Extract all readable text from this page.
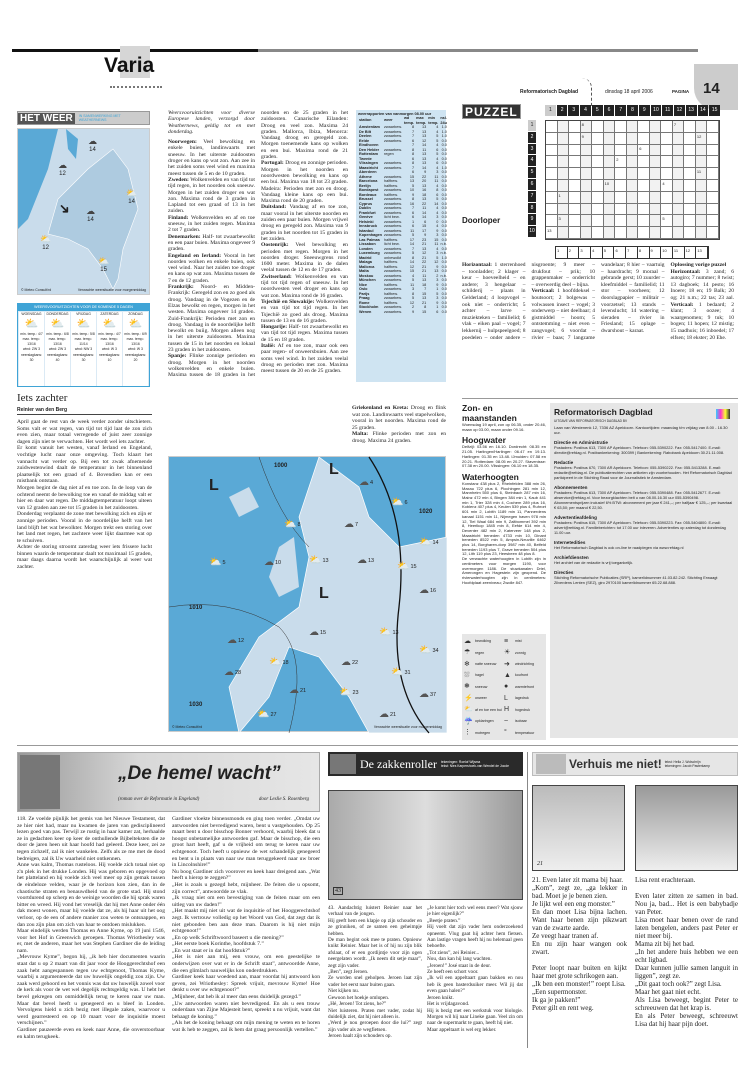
Varia
Reformatorisch Dagblad	dinsdag 18 april 2006	PAGINA 14
HET WEER	IN SAMENWERKING MET WEATHERNEWS
➜
☁
14
☁
12
⛅
14
☁
14
⛅
12
⛅
15
© Meteo Consult/rd	Verwachte weersituatie voor morgenmiddag
WEERSVOORUITZICHTEN VOOR DE KOMENDE 5 DAGEN
WOENSDAG
⛅
min. temp.: 4/7
max. temp.: 13/16
wind: ZW 3
neerslagkans: 30
DONDERDAG
⛅
min. temp.: 6/8
max. temp.: 13/16
wind: ZW 3
neerslagkans: 40
VRIJDAG
⛅
min. temp.: 5/8
max. temp.: 11/14
wind: NW 3
neerslagkans: 30
ZATERDAG
⛅
min. temp.: 4/7
max. temp.: 13/16
wind: W 3
neerslagkans: 10
ZONDAG
⛅
min. temp.: 6/9
max. temp.: 13/16
wind: W 3
neerslagkans: 20
Iets zachter
Reinier van den Berg

April gaat de rest van de week verder zonder uitschieters. Soms valt er wat regen, van tijd tot tijd laat de zon zich even zien, maar totaal verregende of juist zeer zonnige dagen zijn niet te verwachten. Het wordt wel iets zachter.

Er komt vanuit het westen, vanaf Ierland en Engeland, vochtige lucht naar onze omgeving. Toch klaart het vannacht wat verder op. Bij een tot zwak afnemende zuidwestenwind daalt de temperatuur in het binnenland plaatselijk tot een graad of 4. Bovendien kan er een mistbank ontstaan.

Morgen begint de dag niet af en toe zon. In de loop van de ochtend neemt de bewolking toe en vanaf de middag valt er hier en daar wat regen. De middagtemperatuur loopt uiteen van 12 graden aan zee tot 15 graden in het zuidoosten.

Donderdag verplaatst de zone met bewolking zich en zijn er zonnige perioden. Vooral in de noordelijke helft van het land blijft het wat bewolkter. Morgen trekt een storing over het land met regen, het zachtere weer lijkt daarmee wat op te schuiven.

Achter de storing stroomt zaterdag weer iets frissere lucht binnen waarin de temperatuur daalt tot maximaal 15 graden, maar daags daarna wordt het waarschijnlijk al weer wat zachter.

Weersvooruitzichten voor diverse Europese landen, verzorgd door Weathernews, geldig tot en met donderdag.

Noorwegen: Veel bewolking en enkele buien, landinwaarts met sneeuw. In het uiterste zuidoosten droger en kans op wat zon. Aan zee in het zuiden soms veel wind en maxima meest tussen de 5 en de 10 graden.

Zweden: Wolkenvelden en van tijd tot tijd regen, in het noorden ook sneeuw. Morgen in het zuiden droger en wat zon. Maxima rond de 3 graden in Lapland tot een graad of 13 in het zuiden.

Finland: Wolkenvelden en af en toe sneeuw, in het zuiden regen. Maxima 2 tot 7 graden.

Denemarken: Half- tot zwaarbewolkt en een paar buien. Maxima ongeveer 9 graden.

Engeland en Ierland: Vooral in het noorden wolken en enkele buien, ook veel wind. Naar het zuiden toe droger en kans op wat zon. Maxima tussen de 7 en de 12 graden.

Frankrijk: Noord- en Midden-Frankrijk: Geregeld zon en zo goed als droog. Vandaag in de Vogezen en de Elzas bewolkt en regen, morgen in het westen. Maxima ongeveer 14 graden. Zuid-Frankrijk: Perioden met zon en droog. Vandaag in de noordelijke helft bewolkt en buiig. Morgen alleen nog in het uiterste zuidoosten. Maxima tussen de 15 in het noorden en lokaal 23 graden in het zuidoosten.

Spanje: Flinke zonnige perioden en droog. Morgen in het noorden wolkenvelden en enkele buien. Maxima tussen de 18 graden in het noorden en de 25 graden in het zuidoosten. Canarische Eilanden: Droog en veel zon. Maxima 24 graden. Mallorca, Ibiza, Menorca: Vandaag droog en geregeld zon. Morgen toenemende kans op wolken en een bui. Maxima rond de 21 graden.

Portugal: Droog en zonnige perioden. Morgen in het noorden en noordwesten bewolking en kans op een bui. Maxima van 18 tot 23 graden. Madeira: Perioden met zon en droog. Vandaag kleine kans op een bui. Maxima rond de 20 graden.

Duitsland: Vandaag af en toe zon, maar vooral in het uiterste noorden en zuiden een paar buien. Morgen vrijwel droog en geregeld zon. Maxima van 9 graden in het noorden tot 15 graden in het zuiden.

Oostenrijk: Veel bewolking en perioden met regen. Morgen in het noorden droger. Sneeuwgrens rond 1600 meter. Maxima in de dalen veelal tussen de 12 en de 17 graden.

Zwitserland: Wolkenvelden en van tijd tot tijd regen of sneeuw. In het noordwesten veel droger en kans op wat zon. Maxima rond de 16 graden.

Tsjechië en Slowakije: Wolkenvelden en van tijd tot tijd regen. In het Tsjechië zo goed als droog. Maxima tussen de 13 en de 16 graden.

Hongarije: Half- tot zwaarbewolkt en van tijd tot tijd regen. Maxima tussen de 15 en 18 graden.

Italië: Af en toe zon, maar ook een paar regen- of onweersbuien. Aan zee soms veel wind. In het zuiden veelal droog en perioden met zon. Maxima meest tussen de 20 en de 25 graden.

weerrapporten van vanmorgen 08.00 uur
station	weer	wd temp.	max temp.	min temp.	nsl. 24u
Amsterdam	zwaarbew.	8	13	4	1.0
De Bilt	zwaarbew.	7	13	4	1.0
Deelen	zwaarbew.	7	13	5	1.0
Eelde	zwaarbew.	6	12	5	0.0
Eindhoven		7	14	4	0.0
Den Helder	zwaarbew.	8	11	6	0.0
Rotterdam	regen	8	13	5	0.0
Twente		6	13	4	0.0
Vlissingen	zwaarbew.	8	13	6	0.0
Maastricht	zwaarbew.	7	14	4	1.0
Aberdeen		6	9	3	0.0
Athene	zwaarbew.	15	22	11	0.0
Barcelona	halfbew.	13	20	11	0.0
Berlijn	halfbew.	5	13	4	0.0
Boedapest	zwaarbew.	10	16	8	0.0
Bordeaux	halfbew.	9	18	6	0.0
Brussel	zwaarbew.	8	13	5	0.0
Cyprus	zwaarbew.	16	22	14	0.0
Dublin	zwaarbew.	7	11	4	0.0
Frankfurt	zwaarbew.	6	14	4	0.0
Genève	licht bew.	6	14	3	0.0
Helsinki	zwaarbew.	1	6	0	0.0
Innsbruck	zwaarbew.	6	15	4	0.0
Istanbul	zwaarbew.	11	17	9	0.0
Kopenhagen	zwaarbew.	5	9	3	0.0
Las Palmas	halfbew.	17	23	15	0.0
Lissabon	licht bew.	14	21	11	n.b.
Londen	zwaarbew.	7	13	4	0.0
Luxemburg	zwaarbew.	5	12	3	n.b.
Madrid	onbewolkt	8	21	5	1.0
Malaga	halfbew.	14	22	12	0.0
Mallorca	halfbew.	12	21	9	0.0
Malta	zwaarbew.	15	21	13	0.0
Moskou	zwaarbew.	4	11	2	n.b.
München	zwaarbew.	5	13	3	0.0
Nice	halfbew.	11	18	9	0.0
Oslo	zwaarbew.	3	7	1	0.0
Parijs	halfbew.	8	15	5	0.0
Praag	zwaarbew.	5	13	3	0.0
Rome	halfbew.	12	21	9	0.0
Stockholm	zwaarbew.	2	8	1	0.0
Wenen	zwaarbew.	9	15	6	0.0

Griekenland en Kreta: Droog en flink wat zon. Landinwaarts veel stapelwolken, vooral in het noorden. Maxima rond de 25 graden.

Malta: Flinke perioden met zon en droog. Maxima 24 graden.

1000
1010
1020
1030
L
L
L
⛅ 5
☁ 4
⛅ 6
☁ 7
⛅ 8
☁ 10	⛅ 13	☁ 13
⛅ 15
☁ 16
⛅ 14
☁ 12
⛅ 13
☁ 15
⛅ 18
☁ 21	⛅ 23
☁ 21
⛅ 27
☁ 28	⛅ 31
☁ 22
⛅ 34
☁ 37
© Meteo Consult/rd	Verwachte weersituatie voor morgenmiddag
PUZZEL	1	2	3	4	5	6	7	8	9	10	11	12	13	14	15
1
2
3
4
5
6
7
8
9
10
8	7
9	12
6
2
11
10	4
1
3	5
13
1	2	3	4	5	6	7	8	9	10	11	12	13
Doorloper

Horizontaal: 1 sterrenhoed – toonladder; 2 klager – keur – hoeveelheid – en andere; 3 hengelaar – schilderij – plaats in Gelderland; 4 loopvogel – ook niet – onderricht; 5 achter – larve – muziekteken – familielid; 6 vlak – eiken paal – vogel; 7 lekkernij – hulpspeelgoed; 8 poedelen – onder andere – nisgroente; 9 meer – drukfout – prik; 10 grappenmaker – onderricht – overwerdig deel – bijna.

Verticaal: 1 hoofddeksel – houtsoort; 2 bolgewas – volwassen insect – vogel; 3 onderwerp – niet deelbaar; 4 gistmiddel – hoorn; 5 ontstemming – niet even – zangvogel; 6 voordat – rivier – baas; 7 langzame wandelaar; 8 hier – vaartuig – haardracht; 9 moraal – gebrande gerst; 10 zuurder – kleefmiddel – familielid; 11 stor – voorheen; 12 doorslagpapier – militair – voorzetsel; 13 stands – levenslucht; 14 watering – sieraden – rivier in Friesland; 15 oplage – dwarshout – karaat.

Oplossing vorige puzzel
Horizontaal: 3 zand; 6 autogiro; 7 nummer; 8 twist; 13 dagboek; 14 pesto; 16 Inoere; 18 en; 19 Balk; 20 og; 21 n.m.; 22 tas; 23 aal. Verticaal: 1 bedaard; 2 klant; 3 oozee; 4 waargenomen; 9 tuk; 10 bogen; 11 hopen; 12 mistig; 15 raadhuis; 16 inboedel; 17 elfsen; 18 ekster; 20 Ehe.

Zon- en maanstanden
Woensdag 19 april, zon op 06.35, onder 20.46, maan op 03.00, maan onder 09.16.
Hoogwater
Delfzijl: 03.56 en 16.10. Dordrecht: 08.35 en 21.05. Harlingen/Harlinger: 06.47 en 19.13. Harlingen: 01.35 en 13.48. IJmuiden: 07.58 en 20.21. Rotterdam: 08.05 en 20.27. Stavenisse: 07.38 en 20.00. Vlissingen: 06.10 en 18.35.
Waterhoogten
Konstanz 438 plus 2, Rheinfelden 388 min 26, Maxau 722 plus 6, Plochingen 281 min 12, Mannheim 550 plus 6, Steinbach 287 min 16, Mainz 472 min 4, Bingen 384 min 1, Kaub 441 min 1, Trier 328 min 4, Cochem 289 plus 16, Koblenz 407 plus 4, Keulen 539 plus 4, Ruhrort 601 min 2, Lobith 1189 min 11, Pannerdens kanaal 1151 min 11, Nijmegen haven 978 min 12, Tiel Waal 684 min 9, Zaltbommel 392 min 8, Heerlkop 1845 min 8, Eefde 614 min 4, Deventer 482 min 2, Katerveer 148 plus 2, Maastricht beneden 4733 min 10, Dinant beneden 8522 min 5, Ampsin-Neuville 6462 plus 14, Borgharen-dorp 3987 min 40, Belfeld beneden 1193 plus 7, Grave beneden 504 plus 12, Lith 119 plus 23, Heesbeen 48 plus 8.
De verwachte waterhoogten in Lobith zijn in centimeters voor morgen 1190, voor overmorgen 1186. De stuwkanalen Driel, Amerongen en Hagestein zijn geopend. De rivierwaterhoogten zijn in centimeters: Hoofdplaat zeeniveau; Zwolle 847.
☁	bewolking ≡	mist
☂	regen	☀	zonnig
❄	natte sneeuw ➜	windrichting
⛆	hagel	▲	koufront
❅	sneeuw ●	warmtefront
⚡ onweer L	lagedruk
⛅ af en toe een bui H	hogedruk
☔ opklaringen ~	isobaar
⋮	motregen °	temperatuur
Reformatorisch Dagblad
UITGAVE VAN REFORMATORISCH DAGBLAD BV
Laan van Westenenk 12, 7336 AZ Apeldoorn. Kantoortijden: maandag t/m vrijdag van 8.00 - 16.30 uur.
Directie en Administratie
Postadres: Postbus 613, 7300 AP Apeldoorn. Telefoon: 055-5390222. Fax: 055-5417400. E-mail: directie@refdag.nl. Postbankrekening: 300399 | Bankrekening: Rabobank Apeldoorn 30.21.11.008.
Redactie
Postadres: Postbus 670, 7300 AR Apeldoorn. Telefoon: 055-5390222. Fax: 055-5413288. E-mail: redactie@refdag.nl. De publicatierechten van artikelen zijn voorbehouden. Het Reformatorisch Dagblad participeert in de Stichting Raad voor de Journalistiek te Amsterdam.
Abonnementen
Postadres: Postbus 613, 7300 AP Apeldoorn. Telefoon: 055-5390488. Fax: 055-5412677. E-mail: abservice@refdag.nl. Voor bezorgklachten belt u van 08.00-16.30 uur 055-5390498. Abonnementsprijzen inclusief 6% BTW: abonnement per jaar € 241,–; per halfjaar € 125,–; per kwartaal € 63,50; per maand € 22,50.
Advertentieafdeling
Postadres: Postbus 615, 7300 AP Apeldoorn. Telefoon: 055-5390223. Fax: 055-5404800. E-mail: advert@refdag.nl. Familieberichten: tot 17.00 uur inleveren. Advertenties op zaterdag tot donderdag 11.00 uur.
Internetedities
Het Reformatorisch Dagblad is ook on-line te raadplegen via www.refdag.nl
Archiefdiensten
Het archief van de redactie is vrij toegankelijk.
Directies
Stichting Reformatorische Publicaties (SRP), kamerlidnummer 41.03.82.242. Stichting Erwaagt Zilverdens Lenten (SEZ), giro 2970100 kamerlidnummer 65.22.68.888.
„De hemel wacht”
(roman over de Reformatie in Engeland)	door Leslie S. Rosenberg

118. Ze voelde pijnlijk het gemis van het Nieuwe Testament, dat ze hier niet had, maar nu kwamen de jaren van gedisciplineerd lezen goed van pas. Terwijl ze rustig in haar kamer zat, herhaalde ze in gedachten keer op keer de onthullende Bijbelteksten die ze door de jaren heen uit haar hoofd had geleerd. Deze keer, zei ze tegen zichzelf, zal ik niet wankelen. Zelfs als ze me met de dood bedreigen, zal ik Uw waarheid niet ontkennen.

Anne was kalm, Thomas rusteloos. Hij voelde zich totaal niet op z'n plek in het drukke Londen. Hij was geboren en opgevoed op het platteland en hij voelde zich veel meer op zijn gemak tussen de eindeloze velden, waar je de horizon kon zien, dan in de chaotische straten en benauwdheid van de grote stad. Hij stond voortdurend op scherp en de weinige woorden die hij sprak waren bitter en wreed. Hij vond het vreselijk dat hij met Anne onder één dak moest wonen, maar hij voelde dat ze, als hij haar uit het oog verloor, op de een of andere manier zou weten te ontsnappen, en dan zou zijn plan om zich van haar te ontdoen mislukken.

Maar eindelijk werden Thomas en Anne Kyme, op 19 juni 1546, voor het Hof in Greenwich geroepen. Thomas Wriothesley was er, met de anderen, maar het was Stephen Gardiner die de leiding nam.

„Mevrouw Kyme”, begon hij, „ik heb hier documenten waarin staat dat u op 2 maart van dit jaar voor de Hooggerechtshof een zaak hebt aangespannen tegen uw echtgenoot, Thomas Kyme, waarbij u argumenteerde dat uw huwelijk ongeldig zou zijn. Uw zaak werd gehoord en het vonnis was dat uw huwelijk zowel voor de kerk als voor de wet wel degelijk rechtsgeldig was. U hebt het bevel gekregen om onmiddellijk terug te keren naar uw man. Maar dat bevel heeft u genegeerd en u bleef in Londen. Vervolgens hield u zich bezig met illegale zaken, waarvoor u werd gearresteerd en op 10 maart voor de inquisitie moest verschijnen.”

Gardiner pauzeerde even en keek naar Anne, die onverstoorbaar en kalm terugkeek.

Gardiner vloekte binnensmonds en ging toen verder. „Omdat uw antwoorden niet bevredigend waren, bent u vastgehouden. Op 25 maart bent u door bisschop Bonner verhoord, waarbij bleek dat u hoogst onbetamelijke antwoorden gaf. Maar de bisschop, die een groot hart heeft, gaf u de vrijheid om terug te keren naar uw echtgenoot. Toch heeft u opnieuw de wet schandelijk genegeerd en bent u in plaats van naar uw man teruggekeerd naar uw broer in Lincolnshire!”

Nu boog Gardiner zich voorover en keek haar dreigend aan. „Wat heeft u hierop te zeggen?”

„Het is zoals u gezegd hebt, mijnheer. De feiten die u opsomt, zijn correct”, antwoordde ze vlak.

„Ik vraag niet om een bevestiging van de feiten maar om een uitleg van uw daden!”

„Het maakt mij niet uit wat de inquisitie of het Hooggerechtshof zegt. Ik vertrouw volledig op het Woord van God, dat zegt dat ik niet gebonden ben aan deze man. Daarom is hij niet mijn echtgenoot!”

„En op welk Schriftwoord baseert u die mening?”

„Het eerste boek Korinthe, hoofdstuk 7.”

„En wat staat er in dat hoofdstuk?”

„Het is niet aan mij, een vrouw, om een geestelijke te onderwijzen over wat er in de Schrift staat”, antwoordde Anne, die een glimlach nauwelijks kon onderdrukken.

Gardiner keek haar woedend aan, maar voordat hij antwoord kon geven, zei Wriothesley: Spreek vrijuit, mevrouw Kyme! Hoe denkt u over uw echtgenoot?”

„Mijnheer, dat heb ik al meer dan eens duidelijk gezegd.”

„Uw antwoorden waren niet bevredigend. En als u een trouw onderdaan van Zijne Majesteit bent, spreekt u nu vrijuit, want dat behaagt de koning.”

„Als het de koning behaagt om mijn mening te weten en te horen wat ik heb te zeggen, zal ik hem dat graag persoonlijk vertellen.”

De zakkenroller tekeningen: Roelof Wijsma
tekst: Nies Karpershoek-van Wendel de Joode
43

43. Aandachtig luistert Reinier naar het verhaal van de jongen.

Hij geeft hem een klapje op zijn schouder en ze grinniken, of ze samen een geheimpje hebben.

De man begint ook mee te praten. Opnieuw knikt Reinier. Maar het is of hij nu zijn blik afslaat, of er een gordijntje voor zijn ogen neergelaten wordt. „Ik neem dit setje maar”, zegt zijn vader.

„Ben”, zegt Jeroen.

Ze worden snel geholpen. Jeroen laat zijn vader het eerst naar buiten gaan.

Niet kijken nu.

Gewoon het hoekje omlopen.

„Hé, Jeroen! Tot ziens, he?”

Niet luisteren. Praten met vader, zodat hij duidelijk ziet, dat hij niet alleen is.

„Werd je nou geroepen door die lui?” zegt zijn vader als ze wegfietsen.

Jeroen haalt zijn schouders op.

„Je komt hier toch wel eens meer? Wat sjouw je hier eigenlijk?”

„Beetje praten.”

Hij voelt dat zijn vader hem onderzoekend opneemt. Vlug gaat hij achter hem fietsen. Aan lastige vragen heeft hij nu helemaal geen behoefte.

„Tot ziens”, zei Reinier...

Nou, dan kan hij lang wachten.

„Jeroen!” José staat in de deur.

Ze heeft een schort voor.

„Ik wil een appeltaart gaan bakken en nou heb ik geen basterdsuiker meer. Wil jij dat even gaan halen?”

Jeroen knikt.

Het is vrijdagavond.

Hij is bezig met een werkstuk voor biologie. Morgen wil hij naar Lineke gaan. Veel zin om naar de supermarkt te gaan, heeft hij niet.

Maar appeltaart is wel erg lekker.

Verhuis me niet! tekst: Hella J. Wolschrijn
tekeningen: Jacob Pasterkamp
21

21. Even later zit mama bij haar.

„Kom”, zegt ze, „ga lekker in bad. Moet je je benen zien.

Je lijkt wel een eng monster.”

En dan moet Lisa bijna lachen. Want haar benen zijn pikzwart van de zwarte aarde.

Ze veegt haar tranen af.

En nu zijn haar wangen ook zwart.

Peter loopt naar buiten en kijkt haar met grote schrikogen aan.

„Ik ben een monster!” roept Lisa.

„Een supermonster.

Ik ga je pakken!”

Peter gilt en rent weg.

Lisa rent erachteraan.

Even later zitten ze samen in bad. Nou ja, bad... Het is een babybadje van Peter.

Lisa moet haar benen over de rand laten bengelen, anders past Peter er niet meer bij.

Mama zit bij het bad.

„In het andere huis hebben we een echt ligbad.

Daar kunnen jullie samen languit in liggen”, zegt ze.

„Dit gaat toch ook?” zegt Lisa.

Maar het gaat niet echt.

Als Lisa beweegt, begint Peter te schreeuwen dat het krap is.

En als Peter beweegt, schreeuwt Lisa dat hij haar pijn doet.
